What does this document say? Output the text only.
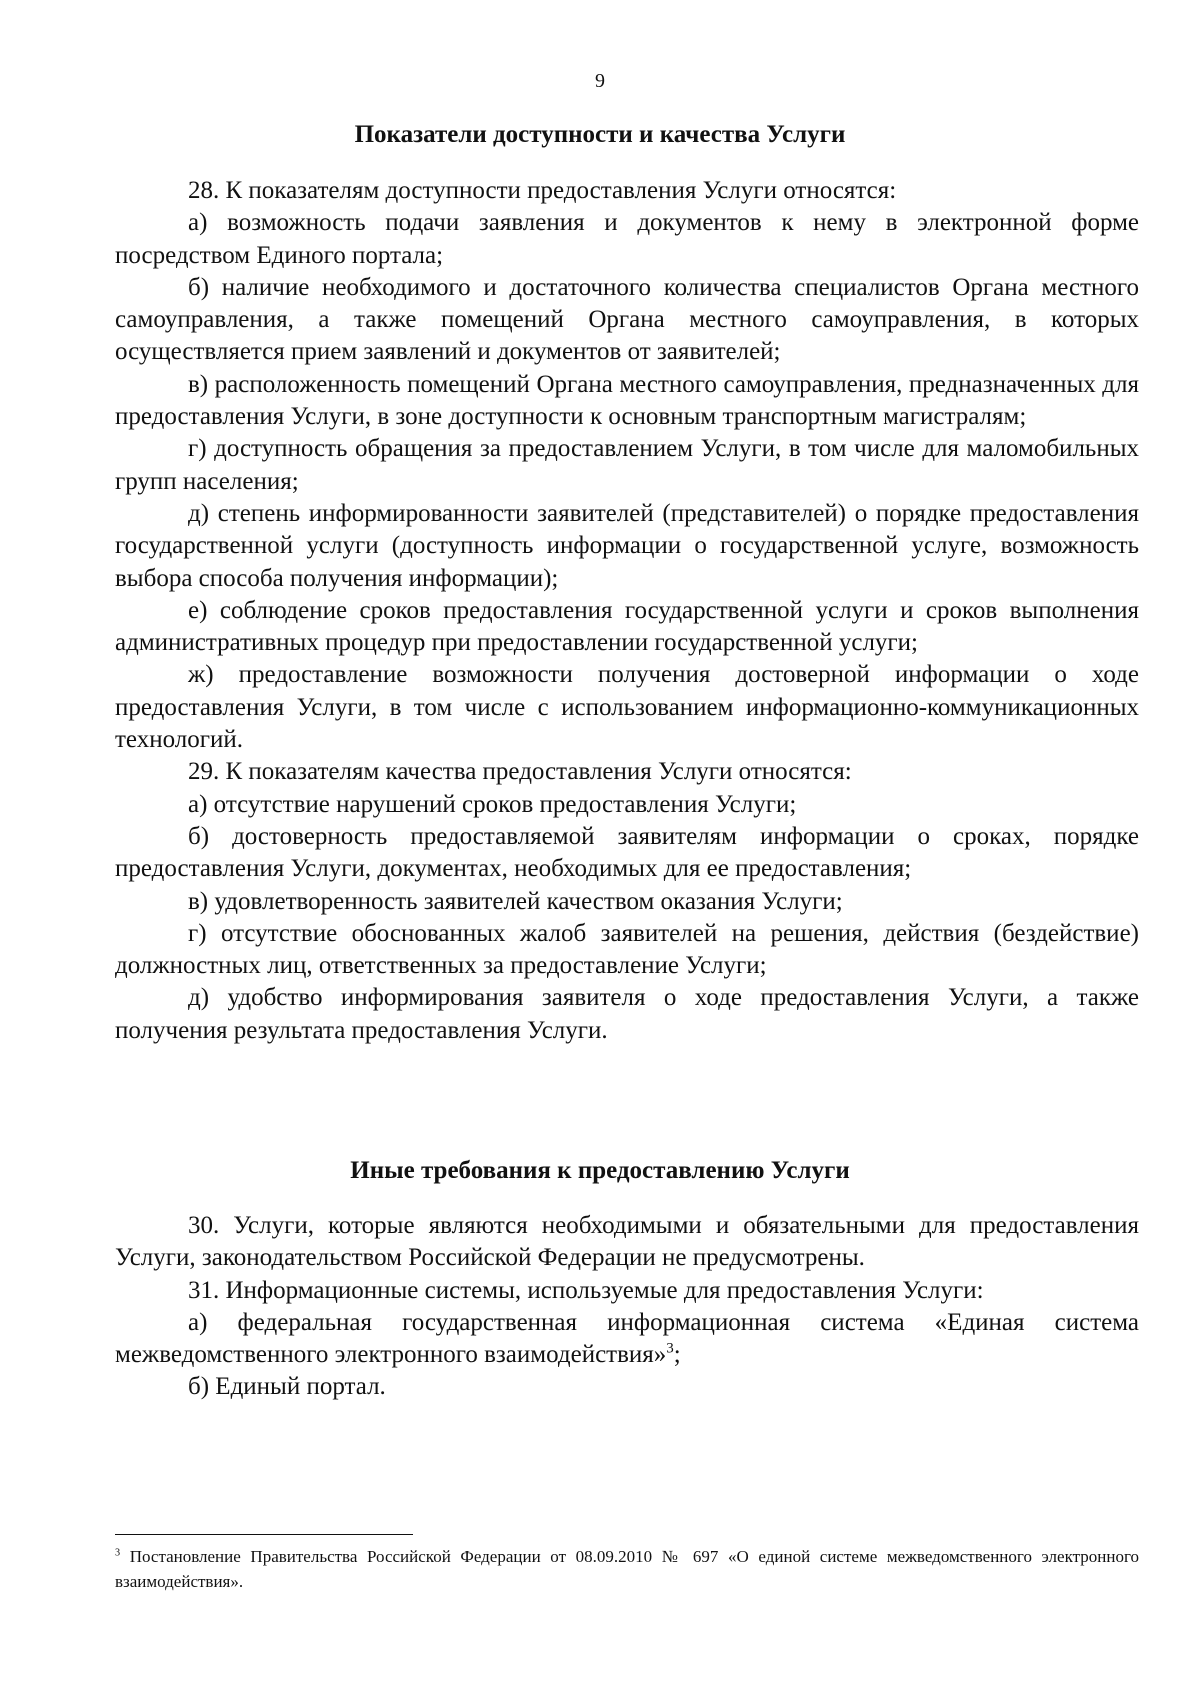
9
Показатели доступности и качества Услуги

28. К показателям доступности предоставления Услуги относятся:

а) возможность подачи заявления и документов к нему в электронной форме посредством Единого портала;

б) наличие необходимого и достаточного количества специалистов Органа местного самоуправления, а также помещений Органа местного самоуправления, в которых осуществляется прием заявлений и документов от заявителей;

в) расположенность помещений Органа местного самоуправления, предназначенных для предоставления Услуги, в зоне доступности к основным транспортным магистралям;

г) доступность обращения за предоставлением Услуги, в том числе для маломобильных групп населения;

д) степень информированности заявителей (представителей) о порядке предоставления государственной услуги (доступность информации о государственной услуге, возможность выбора способа получения информации);

е) соблюдение сроков предоставления государственной услуги и сроков выполнения административных процедур при предоставлении государственной услуги;

ж) предоставление возможности получения достоверной информации о ходе предоставления Услуги, в том числе с использованием информационно-коммуникационных технологий.

29. К показателям качества предоставления Услуги относятся:

а) отсутствие нарушений сроков предоставления Услуги;

б) достоверность предоставляемой заявителям информации о сроках, порядке предоставления Услуги, документах, необходимых для ее предоставления;

в) удовлетворенность заявителей качеством оказания Услуги;

г) отсутствие обоснованных жалоб заявителей на решения, действия (бездействие) должностных лиц, ответственных за предоставление Услуги;

д) удобство информирования заявителя о ходе предоставления Услуги, а также получения результата предоставления Услуги.

Иные требования к предоставлению Услуги

30. Услуги, которые являются необходимыми и обязательными для предоставления Услуги, законодательством Российской Федерации не предусмотрены.

31. Информационные системы, используемые для предоставления Услуги:

а) федеральная государственная информационная система «Единая система межведомственного электронного взаимодействия»$^3$;

б) Единый портал.

$^3$ Постановление Правительства Российской Федерации от 08.09.2010 № 697 «О единой системе межведомственного электронного взаимодействия».
